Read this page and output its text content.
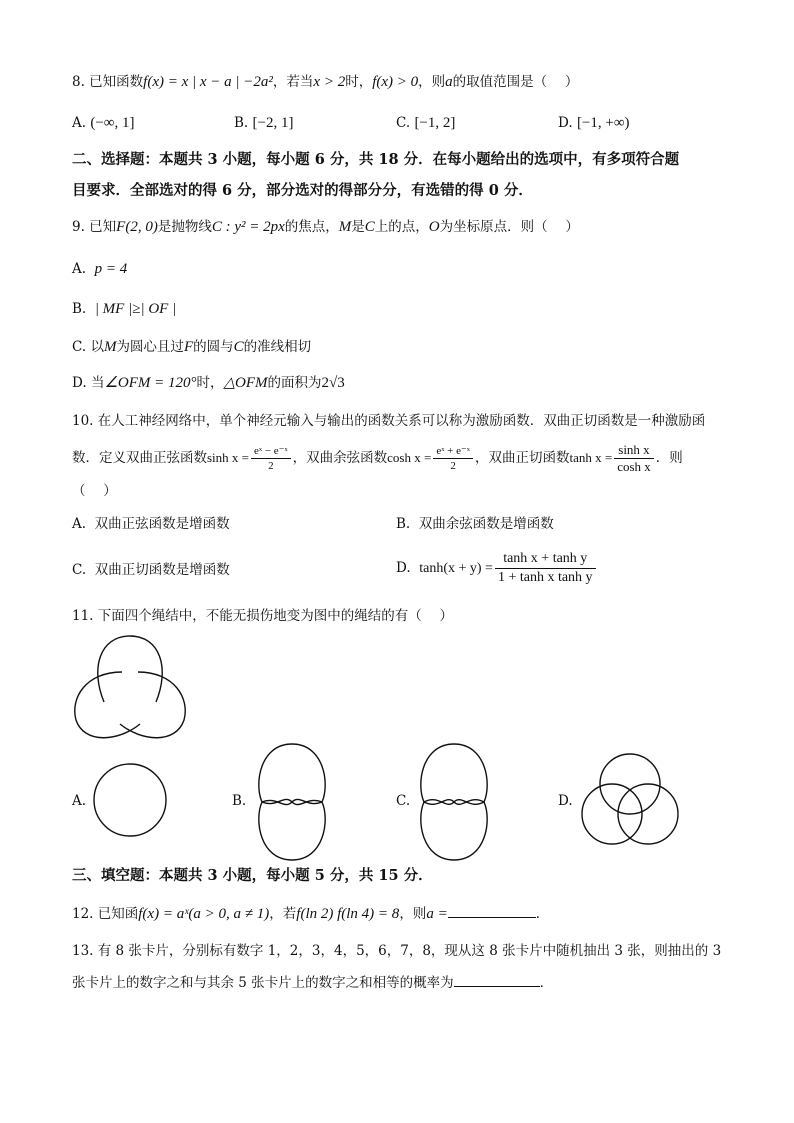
8. 已知函数f(x) = x | x − a | −2a²，若当x > 2时，f(x) > 0，则a的取值范围是（　 ）
A. (−∞, 1]	B. [−2, 1]	C. [−1, 2]	D. [−1, +∞)
二、选择题：本题共 3 小题，每小题 6 分，共 18 分．在每小题给出的选项中，有多项符合题
目要求．全部选对的得 6 分，部分选对的得部分分，有选错的得 0 分．
9. 已知F(2, 0)是抛物线C : y² = 2px的焦点，M是C上的点，O为坐标原点．则（　 ）
A. p = 4
B. | MF |≥| OF |
C. 以M为圆心且过F的圆与C的准线相切
D. 当∠OFM = 120°时，△OFM的面积为2√3
10. 在人工神经网络中，单个神经元输入与输出的函数关系可以称为激励函数．双曲正切函数是一种激励函
数．定义双曲正弦函数$\sinh x = \frac{\text{eˣ − e⁻ˣ}}{2}$ ，双曲余弦函数$\cosh x = \frac{\text{eˣ + e⁻ˣ}}{2}$ ，双曲正切函数$\tanh x = \frac{\text{sinh x}}{\text{cosh x}}$ ．则
（　 ）
A. 双曲正弦函数是增函数	B. 双曲余弦函数是增函数
C. 双曲正切函数是增函数	D. $\tanh(x + y) = \frac{\text{tanh x + tanh y}}{\text{1 + tanh x tanh y}}$
11. 下面四个绳结中，不能无损伤地变为图中的绳结的有（　 ）
A.	B.	C.	D.
三、填空题：本题共 3 小题，每小题 5 分，共 15 分．
12. 已知函f(x) = aˣ(a > 0, a ≠ 1)，若f(ln 2) f(ln 4) = 8，则a =	．
13. 有 8 张卡片，分别标有数字 1，2，3，4，5，6，7，8，现从这 8 张卡片中随机抽出 3 张，则抽出的 3
张卡片上的数字之和与其余 5 张卡片上的数字之和相等的概率为	．
